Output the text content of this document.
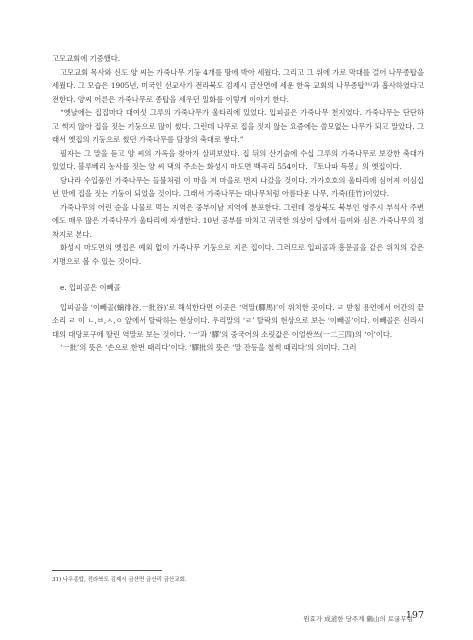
고모교회에 기증했다.

고모교회 목사와 신도 양 씨는 가죽나무 기둥 4개를 땅에 박아 세웠다. 그리고 그 위에 가로 막대를 걸어 나무종탑을 세웠다. 그 모습은 1905년, 미국인 선교사가 전라북도 김제시 금산면에 세운 한옥 교회의 나무종탑³¹⁾과 흡사하였다고 전한다. 양씨 어른은 가죽나무로 종탑을 세우던 일화를 이렇게 이야기 한다.

“옛날에는 집집마다 대여섯 그루의 가죽나무가 울타리에 있었다. 입피골은 가죽나무 천지였다. 가죽나무는 단단하고 썩지 않아 집을 짓는 기둥으로 많이 썼다. 그런데 나무로 집을 짓지 않는 요즘에는 쓸모없는 나무가 되고 말았다. 그래서 옛집의 기둥으로 썼던 가죽나무를 담장의 축대로 쌓다.”

필자는 그 말을 듣고 양 씨의 가옥을 찾아가 살펴보았다. 집 뒤의 산기슭에 수십 그루의 가죽나무로 보강한 축대가 있었다. 블루베리 농사를 짓는 양 씨 댁의 주소는 화성시 마도면 백곡리 554이다. 『토나파 득봉』의 옛집이다.

당나라 수입품인 가죽나무는 들불처럼 이 마을 저 마을로 번져 나갔을 것이다. 가가호호의 울타리에 심어져 이심십 년 만에 집을 짓는 기둥이 되었을 것이다. 그래서 가죽나무는 대나무처럼 아름다운 나무, 가죽(佳竹)이었다.

가죽나무의 어린 순을 나물로 먹는 지역은 중부이남 지역에 분포한다. 그런데 경상북도 북부인 영주시 부석사 주변에도 매우 많은 가죽나무가 울타리에 자생한다. 10년 공부를 마치고 귀국한 의상이 당에서 들여와 심은 가죽나무의 정착지로 본다.

화성시 마도면의 옛집은 예외 없이 가죽나무 기둥으로 지은 집이다. 그러므로 입피골과 흥문골을 같은 위치의 같은 지명으로 볼 수 있는 것이다.

e. 입피골은 이빼골

입피골을 ‘이빼골(螭徘谷,一批谷)’로 해석한다면 이곳은 ‘역말(驛馬)’이 위치한 곳이다. ㄹ 받침 용언에서 어간의 끝소리 ㄹ 이 ㄴ,ㅂ,ㅅ,ㅇ 앞에서 탈락하는 현상이다. 우리말의 ‘ㄹ’ 탈락의 현상으로 보는 ‘이빼골’이다. 이빼골은 신라시대의 대당포구에 딸린 역말로 보는 것이다. ‘一’과 ‘驛’의 중국어의 소릿값은 이얼싼쓰(一二三四)의 ‘이’이다.

‘一批’의 뜻은 ‘손으로 한번 때리다’이다. ‘驛批의 뜻은 ‘말 잔등을 철썩 때리다’의 의미다. 그러

31) 나우종탑, 전라북도 김제시 금산면 금산리 금산교회.
원효가 成道한 당주계 鶴山의 토굴무덤
197
